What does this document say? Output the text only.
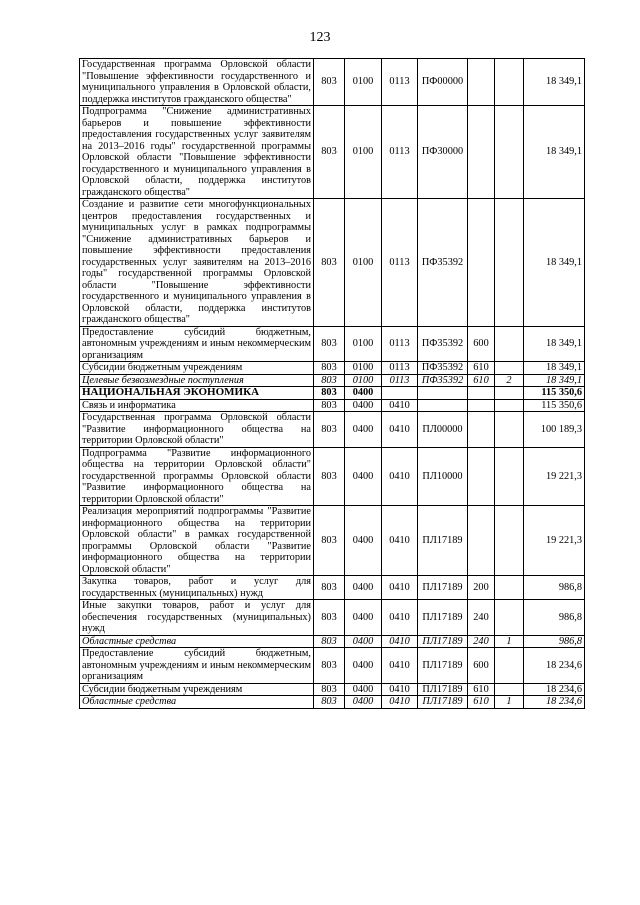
123
Государственная программа Орловской области "Повышение эффективности государственного и муниципального управления в Орловской области, поддержка институтов гражданского общества"	803	0100	0113	ПФ00000			18 349,1
Подпрограмма "Снижение административных барьеров и повышение эффективности предоставления государственных услуг заявителям на 2013–2016 годы" государственной программы Орловской области "Повышение эффективности государственного и муниципального управления в Орловской области, поддержка институтов гражданского общества"	803	0100	0113	ПФ30000			18 349,1
Создание и развитие сети многофункциональных центров предоставления государственных и муниципальных услуг в рамках подпрограммы "Снижение административных барьеров и повышение эффективности предоставления государственных услуг заявителям на 2013–2016 годы" государственной программы Орловской области "Повышение эффективности государственного и муниципального управления в Орловской области, поддержка институтов гражданского общества"	803	0100	0113	ПФ35392			18 349,1
Предоставление субсидий бюджетным, автономным учреждениям и иным некоммерческим организациям	803	0100	0113	ПФ35392	600		18 349,1
Субсидии бюджетным учреждениям	803	0100	0113	ПФ35392	610		18 349,1
Целевые безвозмездные поступления	803	0100	0113	ПФ35392	610	2	18 349,1
НАЦИОНАЛЬНАЯ ЭКОНОМИКА	803	0400					115 350,6
Связь и информатика	803	0400	0410				115 350,6
Государственная программа Орловской области "Развитие информационного общества на территории Орловской области"	803	0400	0410	ПЛ00000			100 189,3
Подпрограмма "Развитие информационного общества на территории Орловской области" государственной программы Орловской области "Развитие информационного общества на территории Орловской области"	803	0400	0410	ПЛ10000			19 221,3
Реализация мероприятий подпрограммы "Развитие информационного общества на территории Орловской области" в рамках государственной программы Орловской области "Развитие информационного общества на территории Орловской области"	803	0400	0410	ПЛ17189			19 221,3
Закупка товаров, работ и услуг для государственных (муниципальных) нужд	803	0400	0410	ПЛ17189	200		986,8
Иные закупки товаров, работ и услуг для обеспечения государственных (муниципальных) нужд	803	0400	0410	ПЛ17189	240		986,8
Областные средства	803	0400	0410	ПЛ17189	240	1	986,8
Предоставление субсидий бюджетным, автономным учреждениям и иным некоммерческим организациям	803	0400	0410	ПЛ17189	600		18 234,6
Субсидии бюджетным учреждениям	803	0400	0410	ПЛ17189	610		18 234,6
Областные средства	803	0400	0410	ПЛ17189	610	1	18 234,6
